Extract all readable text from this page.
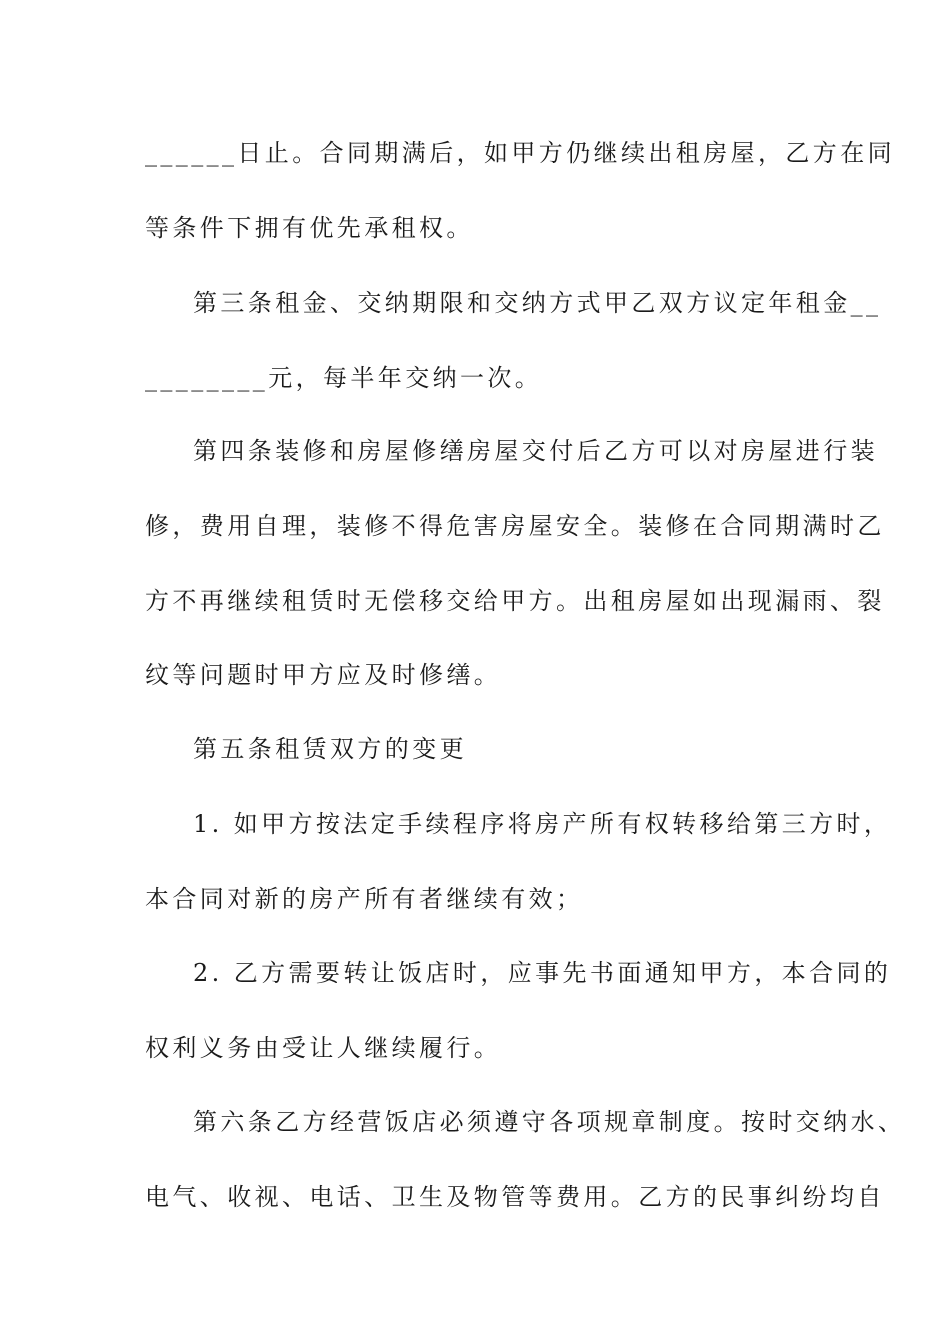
______日止。合同期满后，如甲方仍继续出租房屋，乙方在同
等条件下拥有优先承租权。
第三条租金、交纳期限和交纳方式甲乙双方议定年租金__
________元，每半年交纳一次。
第四条装修和房屋修缮房屋交付后乙方可以对房屋进行装
修，费用自理，装修不得危害房屋安全。装修在合同期满时乙
方不再继续租赁时无偿移交给甲方。出租房屋如出现漏雨、裂
纹等问题时甲方应及时修缮。
第五条租赁双方的变更
1. 如甲方按法定手续程序将房产所有权转移给第三方时，
本合同对新的房产所有者继续有效；
2. 乙方需要转让饭店时，应事先书面通知甲方，本合同的
权利义务由受让人继续履行。
第六条乙方经营饭店必须遵守各项规章制度。按时交纳水、
电气、收视、电话、卫生及物管等费用。乙方的民事纠纷均自
